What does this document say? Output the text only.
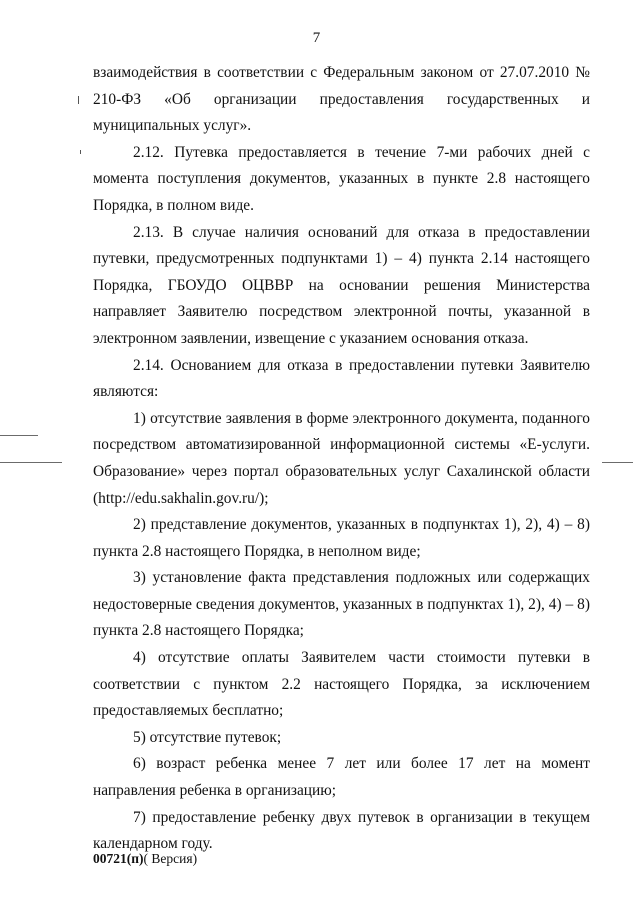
7

взаимодействия в соответствии с Федеральным законом от 27.07.2010 № 210-ФЗ «Об организации предоставления государственных и муниципальных услуг».

2.12. Путевка предоставляется в течение 7-ми рабочих дней с момента поступления документов, указанных в пункте 2.8 настоящего Порядка, в полном виде.

2.13. В случае наличия оснований для отказа в предоставлении путевки, предусмотренных подпунктами 1) – 4) пункта 2.14 настоящего Порядка, ГБОУДО ОЦВВР на основании решения Министерства направляет Заявителю посредством электронной почты, указанной в электронном заявлении, извещение с указанием основания отказа.

2.14. Основанием для отказа в предоставлении путевки Заявителю являются:

1) отсутствие заявления в форме электронного документа, поданного посредством автоматизированной информационной системы «Е-услуги. Образование» через портал образовательных услуг Сахалинской области (http://edu.sakhalin.gov.ru/);

2) представление документов, указанных в подпунктах 1), 2), 4) – 8) пункта 2.8 настоящего Порядка, в неполном виде;

3) установление факта представления подложных или содержащих недостоверные сведения документов, указанных в подпунктах 1), 2), 4) – 8) пункта 2.8 настоящего Порядка;

4) отсутствие оплаты Заявителем части стоимости путевки в соответствии с пунктом 2.2 настоящего Порядка, за исключением предоставляемых бесплатно;

5) отсутствие путевок;

6) возраст ребенка менее 7 лет или более 17 лет на момент направления ребенка в организацию;

7) предоставление ребенку двух путевок в организации в текущем календарном году.

00721(п)( Версия)
